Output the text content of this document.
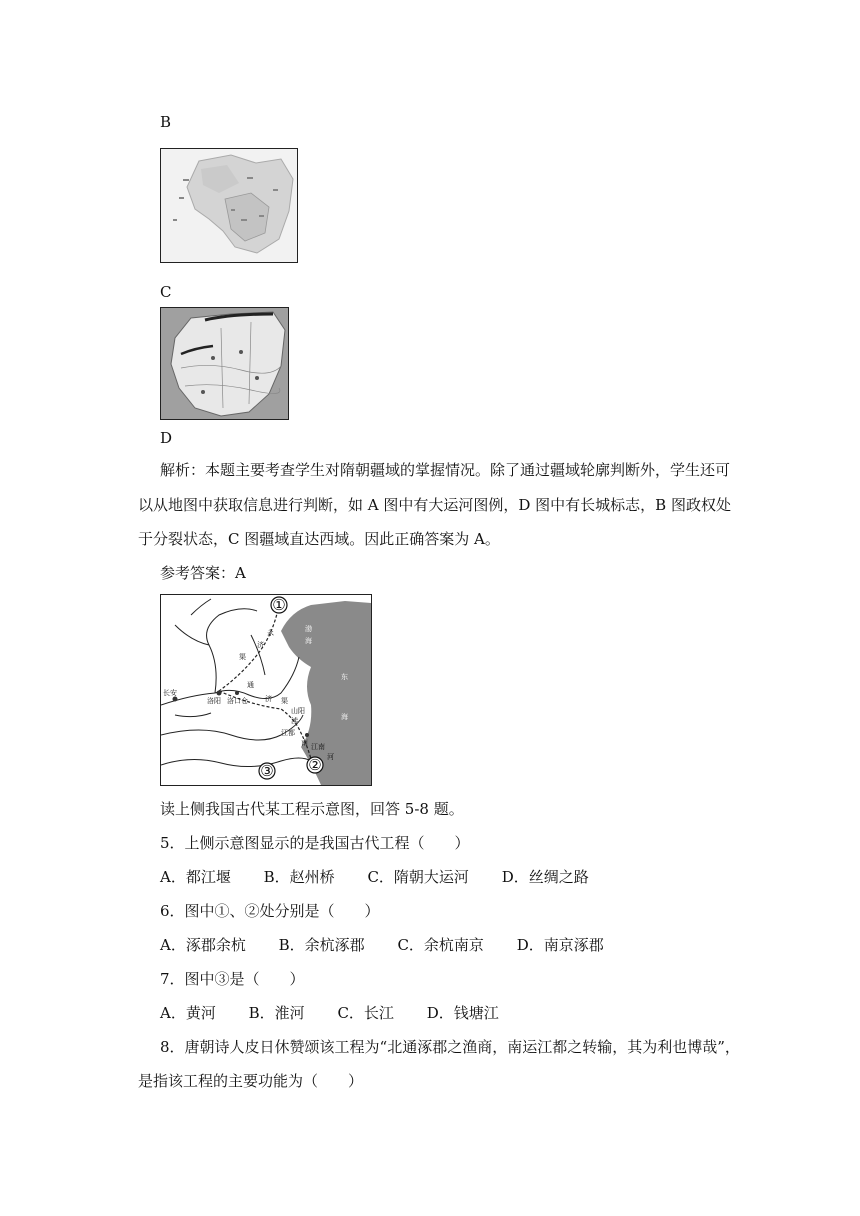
B
C
D
解析：本题主要考查学生对隋朝疆域的掌握情况。除了通过疆域轮廓判断外，学生还可
以从地图中获取信息进行判断，如 A 图中有大运河图例，D 图中有长城标志，B 图政权处
于分裂状态，C 图疆域直达西域。因此正确答案为 A。
参考答案：A
①
②
③
永
济
渠
通
济 渠
山阳
渎
江都
南
长安
洛阳 洛口仓
渤
海
东
海
江南
河
读上侧我国古代某工程示意图，回答 5-8 题。
5．上侧示意图显示的是我国古代工程（　　）
A．都江堰 B．赵州桥 C．隋朝大运河 D．丝绸之路
6．图中①、②处分别是（　　）
A．涿郡余杭 B．余杭涿郡 C．余杭南京 D．南京涿郡
7．图中③是（　　）
A．黄河 B．淮河 C．长江 D．钱塘江
8．唐朝诗人皮日休赞颂该工程为“北通涿郡之渔商，南运江都之转输，其为利也博哉”，
是指该工程的主要功能为（　　）
